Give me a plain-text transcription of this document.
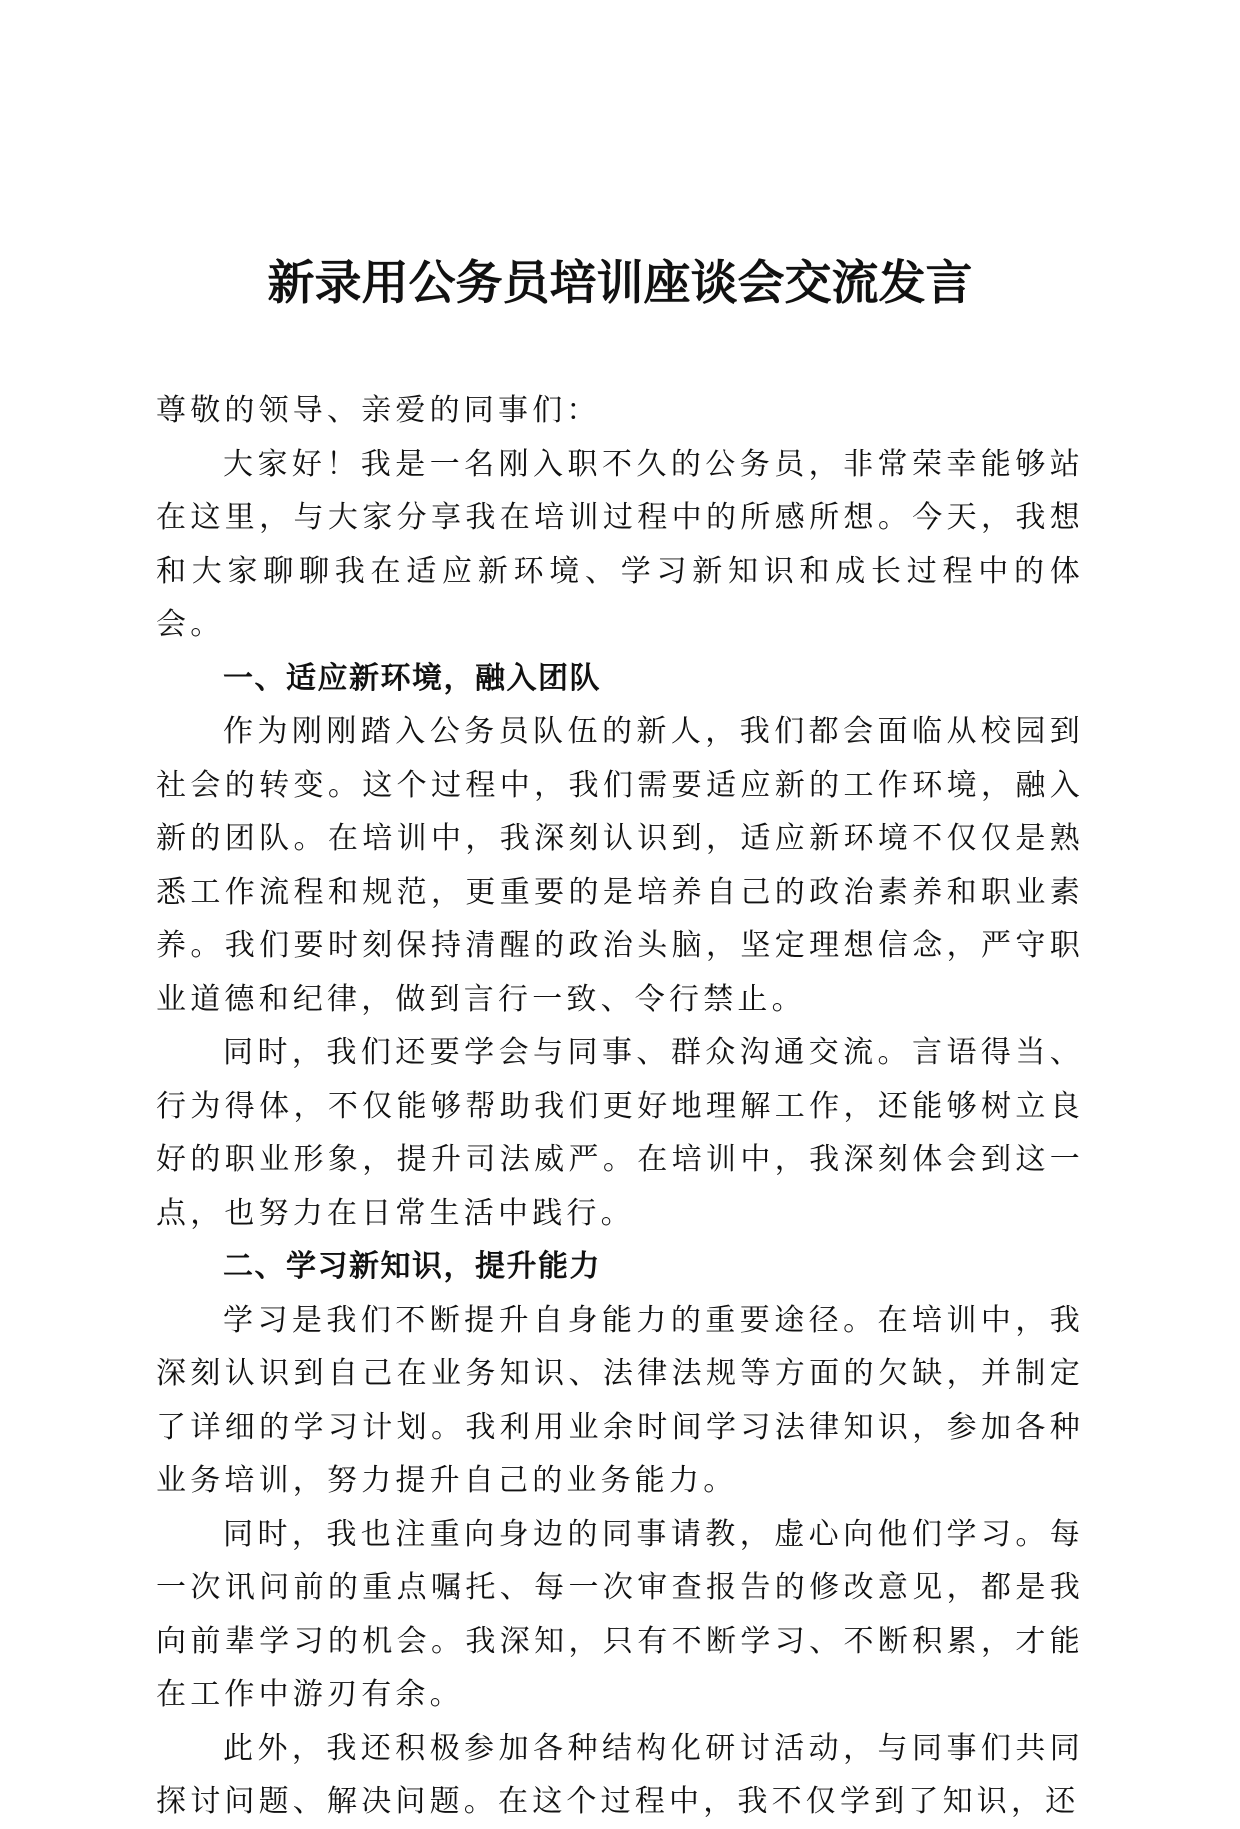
新录用公务员培训座谈会交流发言

尊敬的领导、亲爱的同事们：

大家好！我是一名刚入职不久的公务员，非常荣幸能够站在这里，与大家分享我在培训过程中的所感所想。今天，我想和大家聊聊我在适应新环境、学习新知识和成长过程中的体会。

一、适应新环境，融入团队

作为刚刚踏入公务员队伍的新人，我们都会面临从校园到社会的转变。这个过程中，我们需要适应新的工作环境，融入新的团队。在培训中，我深刻认识到，适应新环境不仅仅是熟悉工作流程和规范，更重要的是培养自己的政治素养和职业素养。我们要时刻保持清醒的政治头脑，坚定理想信念，严守职业道德和纪律，做到言行一致、令行禁止。

同时，我们还要学会与同事、群众沟通交流。言语得当、行为得体，不仅能够帮助我们更好地理解工作，还能够树立良好的职业形象，提升司法威严。在培训中，我深刻体会到这一点，也努力在日常生活中践行。

二、学习新知识，提升能力

学习是我们不断提升自身能力的重要途径。在培训中，我深刻认识到自己在业务知识、法律法规等方面的欠缺，并制定了详细的学习计划。我利用业余时间学习法律知识，参加各种业务培训，努力提升自己的业务能力。

同时，我也注重向身边的同事请教，虚心向他们学习。每一次讯问前的重点嘱托、每一次审查报告的修改意见，都是我向前辈学习的机会。我深知，只有不断学习、不断积累，才能在工作中游刃有余。

此外，我还积极参加各种结构化研讨活动，与同事们共同探讨问题、解决问题。在这个过程中，我不仅学到了知识，还
